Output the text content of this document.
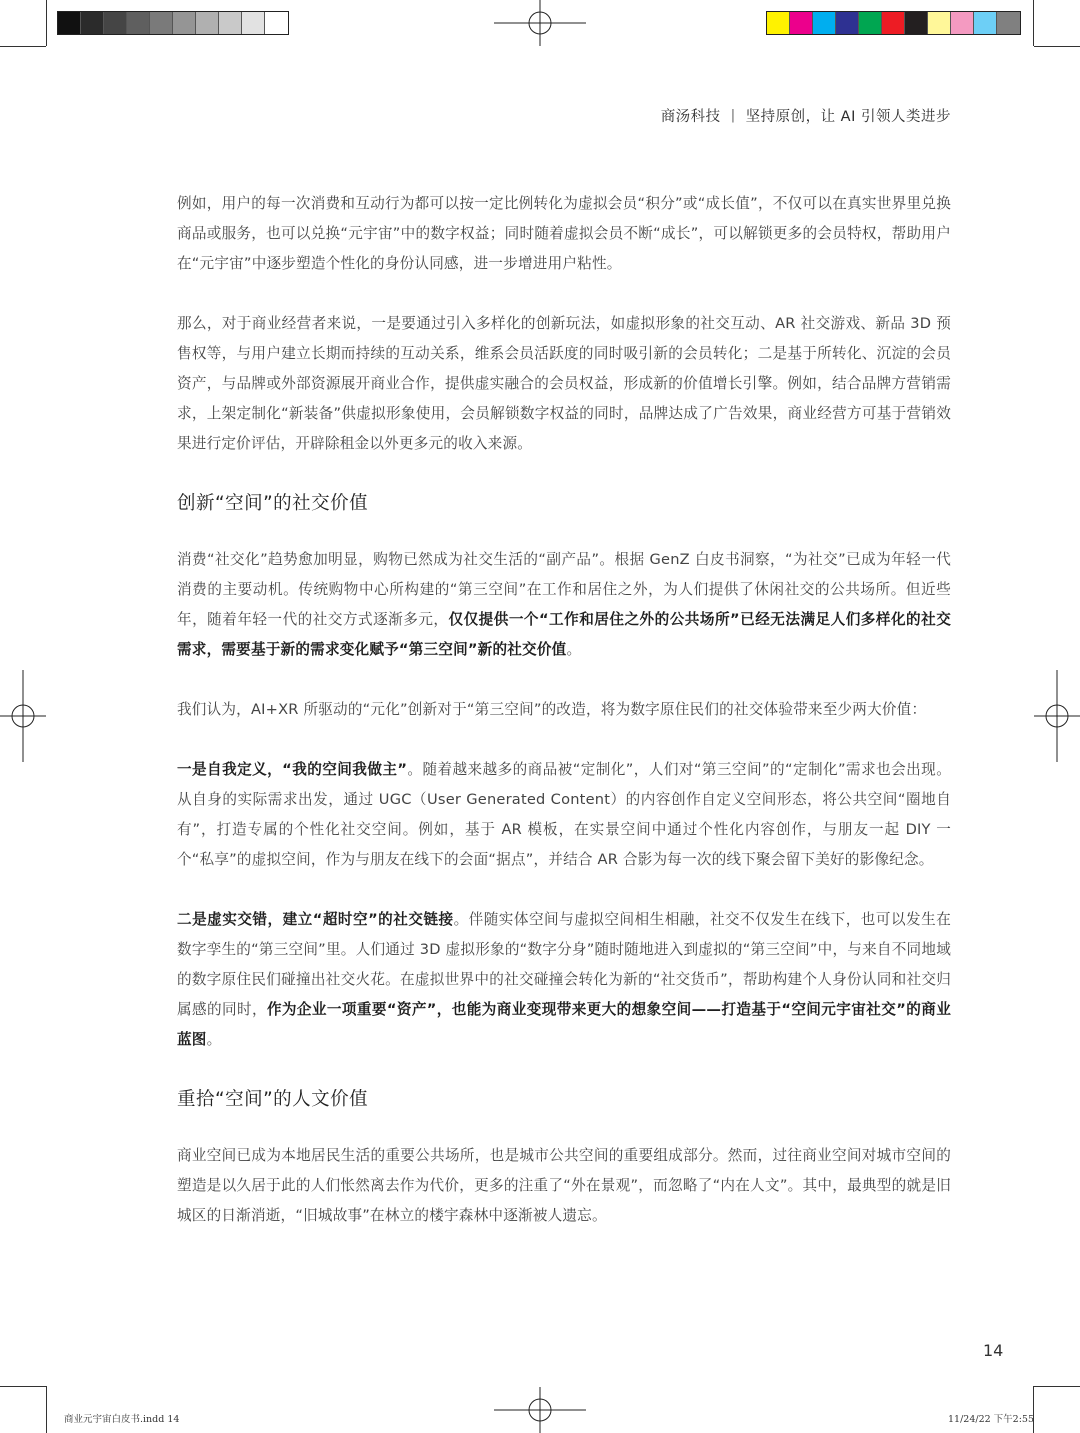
商汤科技 | 坚持原创，让 AI 引领人类进步

例如，用户的每一次消费和互动行为都可以按一定比例转化为虚拟会员“积分”或“成长值”，不仅可以在真实世界里兑换商品或服务，也可以兑换“元宇宙”中的数字权益；同时随着虚拟会员不断“成长”，可以解锁更多的会员特权，帮助用户在“元宇宙”中逐步塑造个性化的身份认同感，进一步增进用户粘性。

那么，对于商业经营者来说，一是要通过引入多样化的创新玩法，如虚拟形象的社交互动、AR 社交游戏、新品 3D 预售权等，与用户建立长期而持续的互动关系，维系会员活跃度的同时吸引新的会员转化；二是基于所转化、沉淀的会员资产，与品牌或外部资源展开商业合作，提供虚实融合的会员权益，形成新的价值增长引擎。例如，结合品牌方营销需求，上架定制化“新装备”供虚拟形象使用，会员解锁数字权益的同时，品牌达成了广告效果，商业经营方可基于营销效果进行定价评估，开辟除租金以外更多元的收入来源。

创新“空间”的社交价值

消费“社交化”趋势愈加明显，购物已然成为社交生活的“副产品”。根据 GenZ 白皮书洞察，“为社交”已成为年轻一代消费的主要动机。传统购物中心所构建的“第三空间”在工作和居住之外，为人们提供了休闲社交的公共场所。但近些年，随着年轻一代的社交方式逐渐多元，仅仅提供一个“工作和居住之外的公共场所”已经无法满足人们多样化的社交需求，需要基于新的需求变化赋予“第三空间”新的社交价值。

我们认为，AI+XR 所驱动的“元化”创新对于“第三空间”的改造，将为数字原住民们的社交体验带来至少两大价值：

一是自我定义，“我的空间我做主”。随着越来越多的商品被“定制化”，人们对“第三空间”的“定制化”需求也会出现。从自身的实际需求出发，通过 UGC（User Generated Content）的内容创作自定义空间形态，将公共空间“圈地自有”，打造专属的个性化社交空间。例如，基于 AR 模板，在实景空间中通过个性化内容创作，与朋友一起 DIY 一个“私享”的虚拟空间，作为与朋友在线下的会面“据点”，并结合 AR 合影为每一次的线下聚会留下美好的影像纪念。

二是虚实交错，建立“超时空”的社交链接。伴随实体空间与虚拟空间相生相融，社交不仅发生在线下，也可以发生在数字孪生的“第三空间”里。人们通过 3D 虚拟形象的“数字分身”随时随地进入到虚拟的“第三空间”中，与来自不同地域的数字原住民们碰撞出社交火花。在虚拟世界中的社交碰撞会转化为新的“社交货币”，帮助构建个人身份认同和社交归属感的同时，作为企业一项重要“资产”，也能为商业变现带来更大的想象空间——打造基于“空间元宇宙社交”的商业蓝图。

重拾“空间”的人文价值

商业空间已成为本地居民生活的重要公共场所，也是城市公共空间的重要组成部分。然而，过往商业空间对城市空间的塑造是以久居于此的人们怅然离去作为代价，更多的注重了“外在景观”，而忽略了“内在人文”。其中，最典型的就是旧城区的日渐消逝，“旧城故事”在林立的楼宇森林中逐渐被人遗忘。

14
商业元宇宙白皮书.indd 14	11/24/22 下午2:55
